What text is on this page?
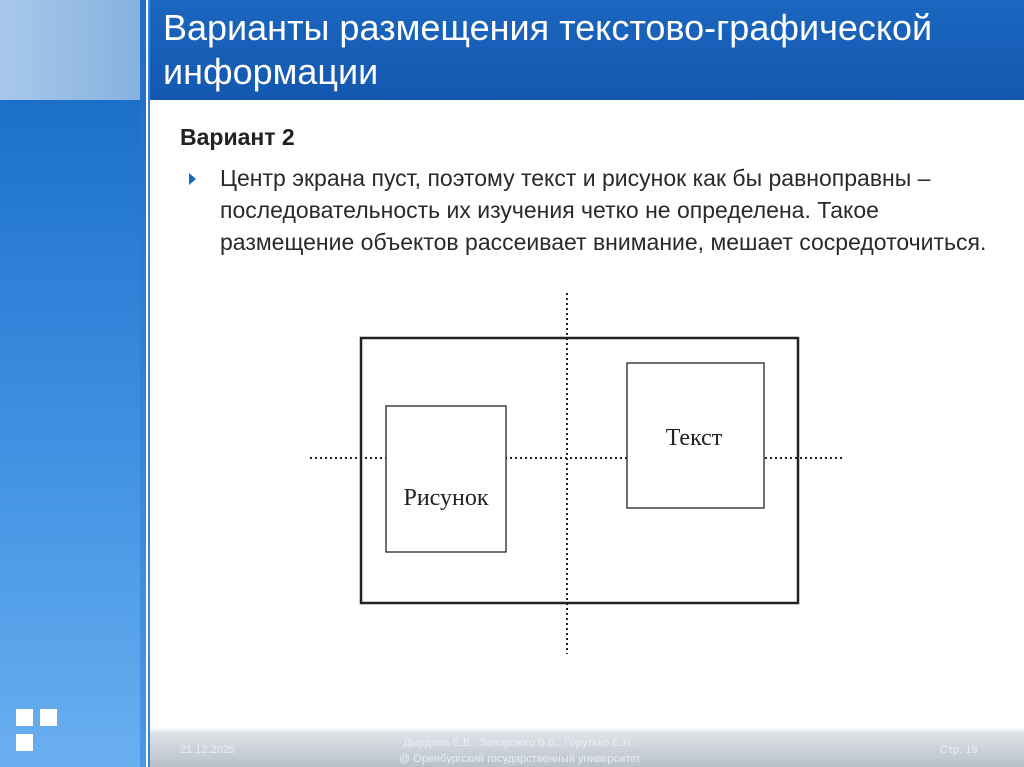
Варианты размещения текстово-графической информации
Вариант 2
Центр экрана пуст, поэтому текст и рисунок как бы равноправны – последовательность их изучения четко не определена. Такое размещение объектов рассеивает внимание, мешает сосредоточиться.
Рисунок
Текст
21.12.2025
Дырдина Е.В., Запорожко В.В., Горутько Е.Н..
@ Оренбургский государственный университет
Стр. 19
